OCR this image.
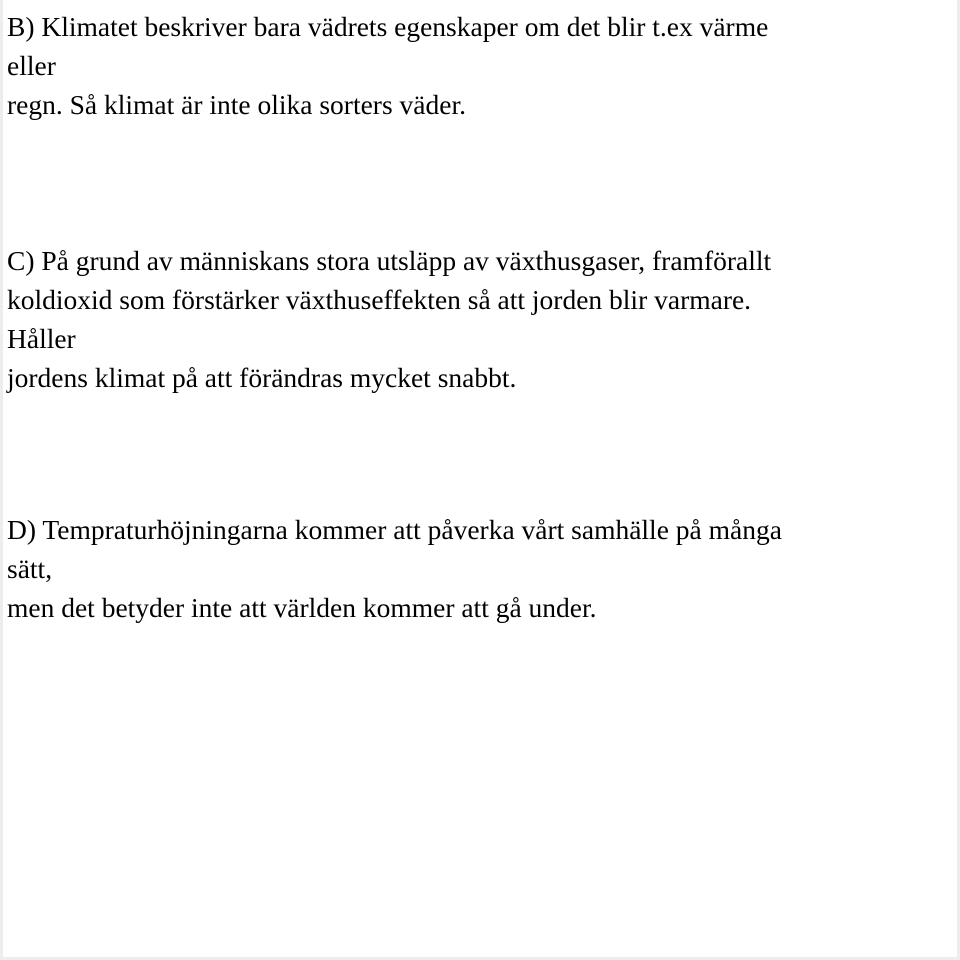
B) Klimatet beskriver bara vädrets egenskaper om det blir t.ex värme
eller
regn. Så klimat är inte olika sorters väder.

C) På grund av människans stora utsläpp av växthusgaser, framförallt
koldioxid som förstärker växthuseffekten så att jorden blir varmare.
Håller
jordens klimat på att förändras mycket snabbt.

D) Tempraturhöjningarna kommer att påverka vårt samhälle på många
sätt,
men det betyder inte att världen kommer att gå under.
